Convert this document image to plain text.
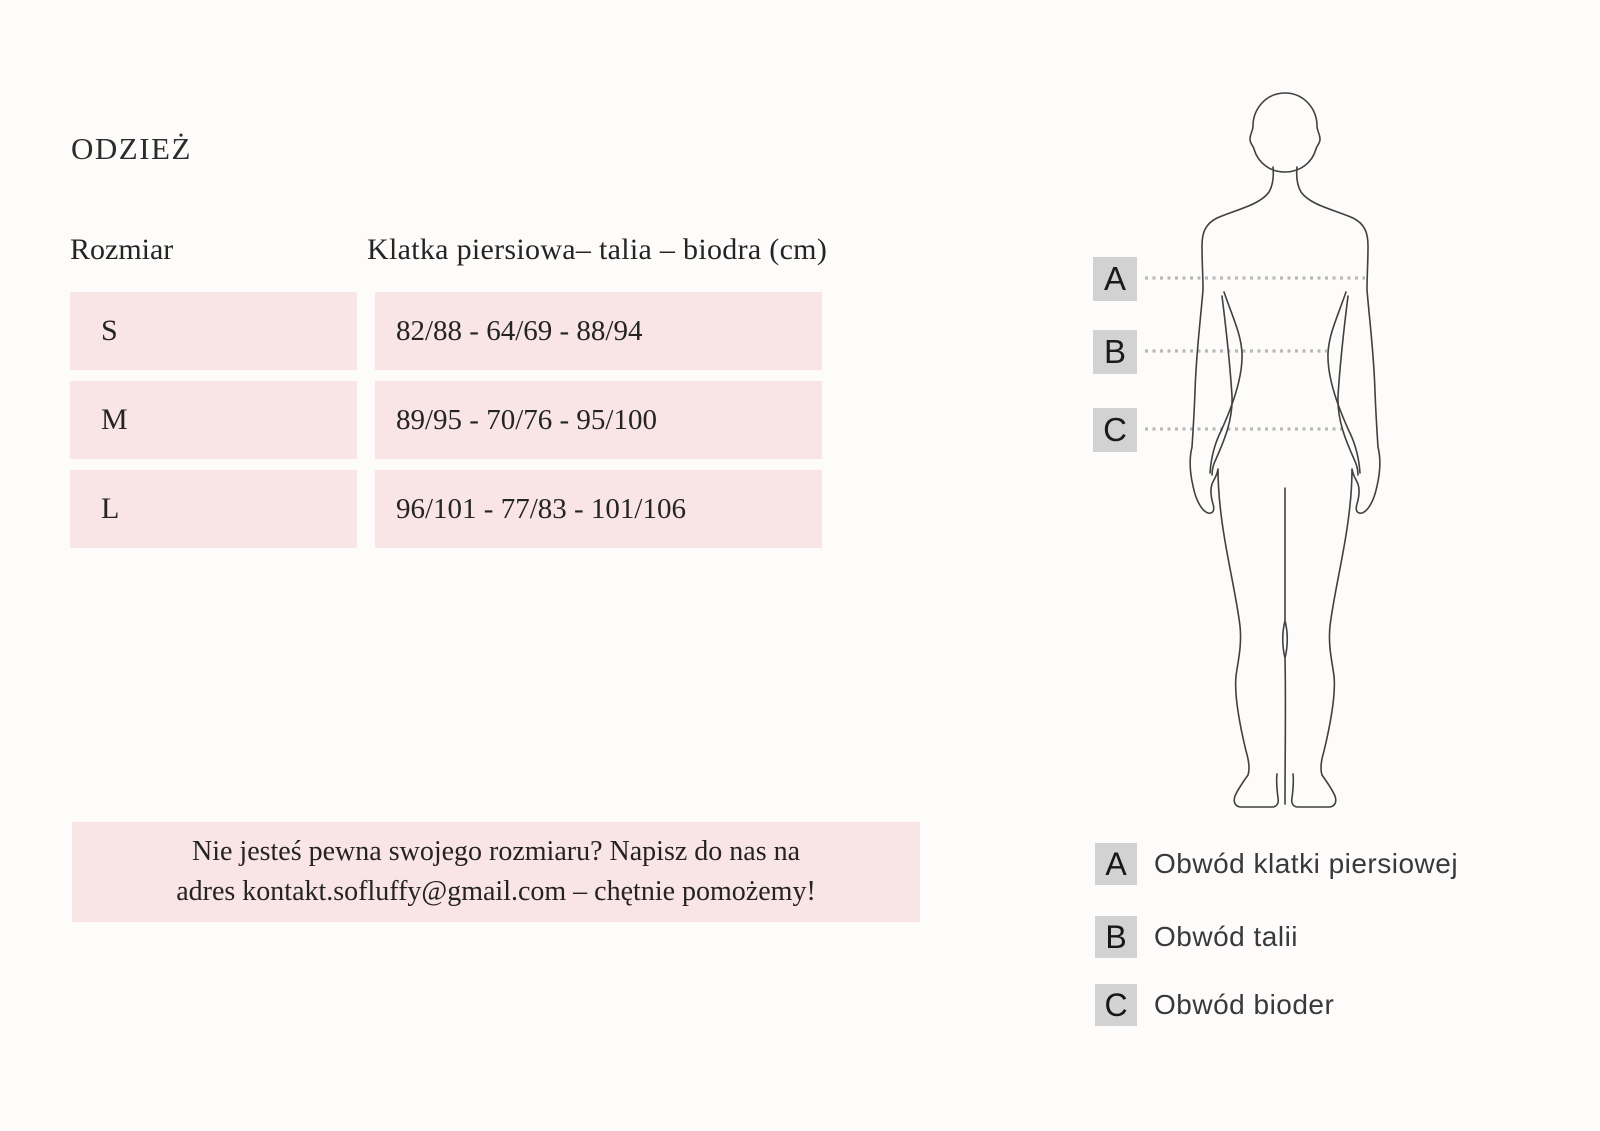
ODZIEŻ
Rozmiar	Klatka piersiowa– talia – biodra (cm)
S	82/88 - 64/69 - 88/94
M	89/95 - 70/76 - 95/100
L	96/101 - 77/83 - 101/106
Nie jesteś pewna swojego rozmiaru? Napisz do nas na
adres kontakt.sofluffy@gmail.com – chętnie pomożemy!
A
B
C
A Obwód klatki piersiowej
B Obwód talii
C Obwód bioder
